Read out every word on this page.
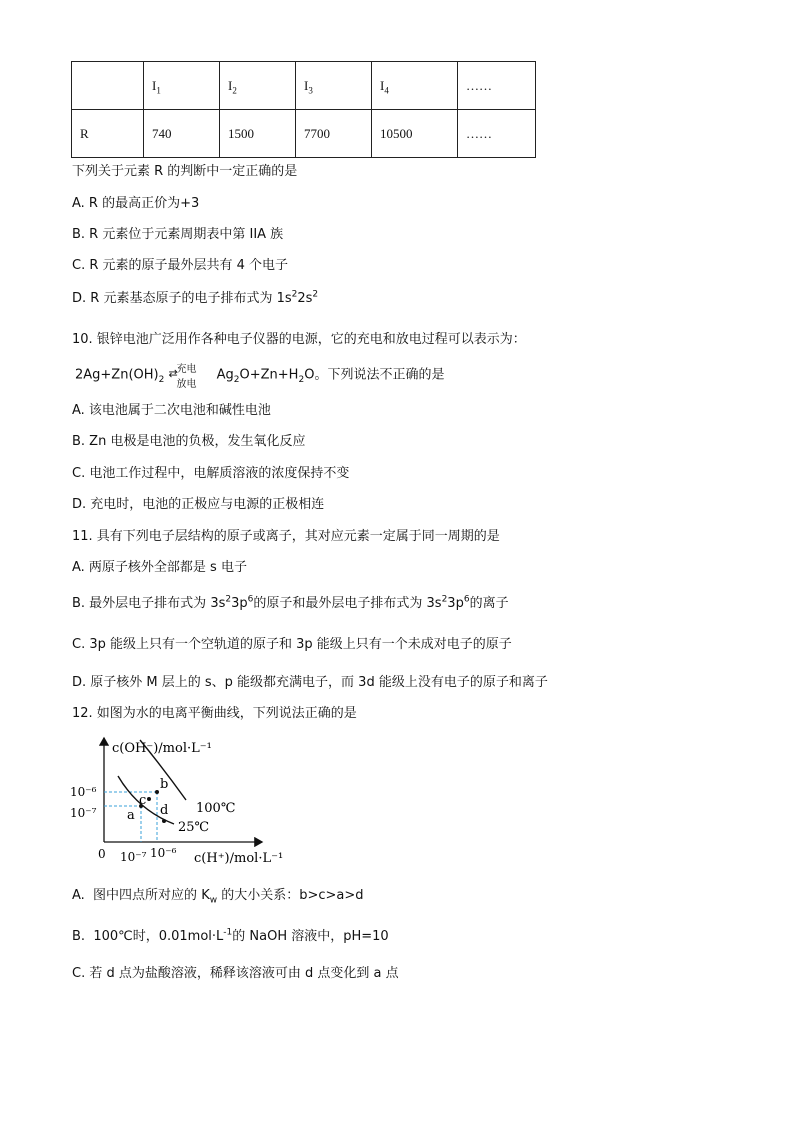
	$I_1$	$I_2$	$I_3$	$I_4$	……
R	740	1500	7700	10500	……
下列关于元素 R 的判断中一定正确的是
A. R 的最高正价为+3
B. R 元素位于元素周期表中第 IIA 族
C. R 元素的原子最外层共有 4 个电子
D. R 元素基态原子的电子排布式为 $1s^22s^2$
10. 银锌电池广泛用作各种电子仪器的电源，它的充电和放电过程可以表示为：
$2Ag+Zn(OH)_2$
⇄
充电
放电
$Ag_2O+Zn+H_2O$。下列说法不正确的是
A. 该电池属于二次电池和碱性电池
B. Zn 电极是电池的负极，发生氧化反应
C. 电池工作过程中，电解质溶液的浓度保持不变
D. 充电时，电池的正极应与电源的正极相连
11. 具有下列电子层结构的原子或离子，其对应元素一定属于同一周期的是
A. 两原子核外全部都是 s 电子
B. 最外层电子排布式为 $3s^23p^6$的原子和最外层电子排布式为 $3s^23p^6$的离子
C. 3p 能级上只有一个空轨道的原子和 3p 能级上只有一个未成对电子的原子
D. 原子核外 M 层上的 s、p 能级都充满电子，而 3d 能级上没有电子的原子和离子
12. 如图为水的电离平衡曲线，下列说法正确的是
c(OH⁻)/mol·L⁻¹
c(H⁺)/mol·L⁻¹
10⁻⁶
10⁻⁷
10⁻⁷ 10⁻⁶
0
100℃
25℃
a
b
c
d
A.  图中四点所对应的 $K_w$ 的大小关系：b>c>a>d
B.  100℃时，$0.01mol\cdot L^{-1}$的 NaOH 溶液中，pH=10
C. 若 d 点为盐酸溶液，稀释该溶液可由 d 点变化到 a 点
